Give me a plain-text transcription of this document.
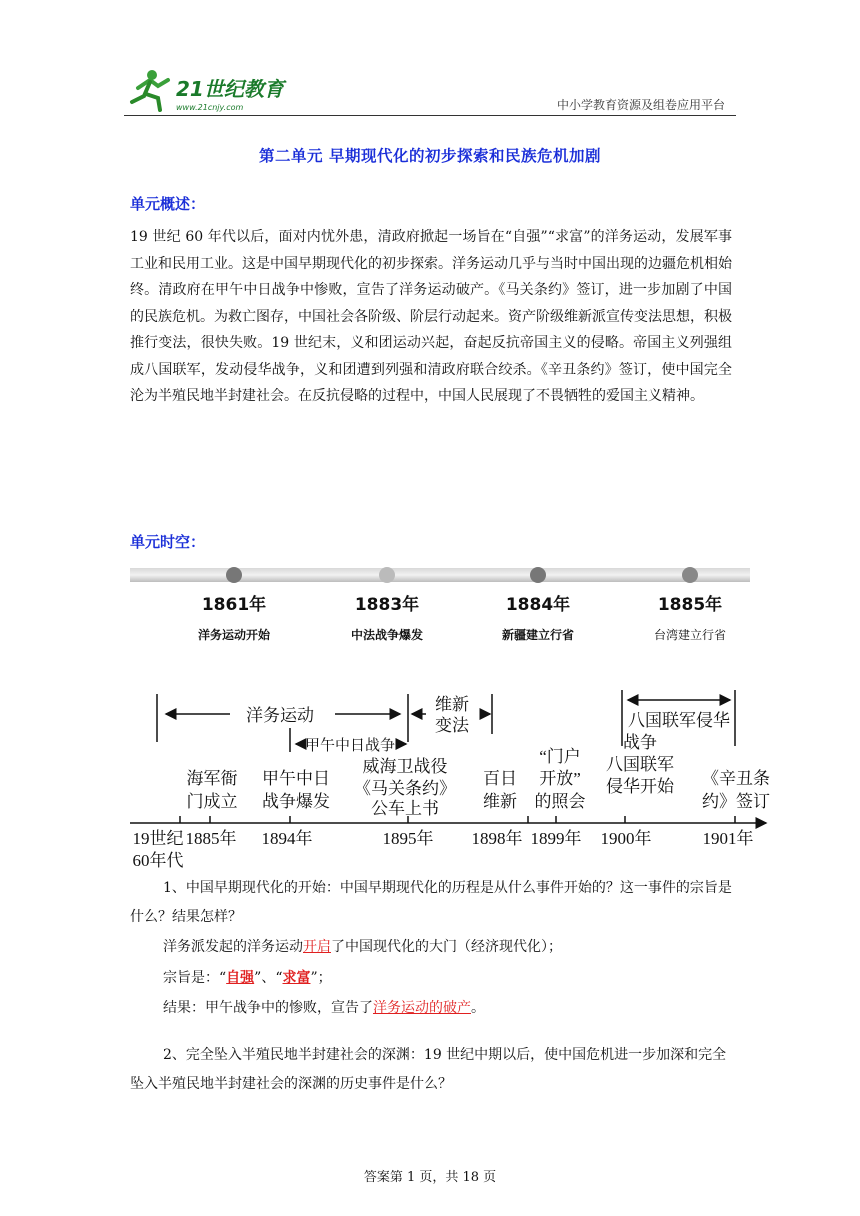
21世纪教育
www.21cnjy.com	中小学教育资源及组卷应用平台
第二单元 早期现代化的初步探索和民族危机加剧
单元概述：

19 世纪 60 年代以后，面对内忧外患，清政府掀起一场旨在“自强”“求富”的洋务运动，发展军事工业和民用工业。这是中国早期现代化的初步探索。洋务运动几乎与当时中国出现的边疆危机相始终。清政府在甲午中日战争中惨败，宣告了洋务运动破产。《马关条约》签订，进一步加剧了中国的民族危机。为救亡图存，中国社会各阶级、阶层行动起来。资产阶级维新派宣传变法思想，积极推行变法，很快失败。19 世纪末，义和团运动兴起，奋起反抗帝国主义的侵略。帝国主义列强组成八国联军，发动侵华战争，义和团遭到列强和清政府联合绞杀。《辛丑条约》签订，使中国完全沦为半殖民地半封建社会。在反抗侵略的过程中，中国人民展现了不畏牺牲的爱国主义精神。

单元时空：
1861年
洋务运动开始
1883年
中法战争爆发
1884年
新疆建立行省
1885年
台湾建立行省
洋务运动
维新
变法
甲午中日战争
八国联军侵华
战争
海军衙
门成立
甲午中日
战争爆发
威海卫战役
《马关条约》
公车上书
百日
维新
“门户
开放”
的照会
八国联军
侵华开始 《辛丑条
约》签订
19世纪
60年代
1885年 1894年	1895年 1898年 1899年 1900年	1901年

1、中国早期现代化的开始：中国早期现代化的历程是从什么事件开始的？这一事件的宗旨是什么？结果怎样？

洋务派发起的洋务运动开启了中国现代化的大门（经济现代化）；

宗旨是：“自强”、“求富”；

结果：甲午战争中的惨败，宣告了洋务运动的破产。

2、完全坠入半殖民地半封建社会的深渊：19 世纪中期以后，使中国危机进一步加深和完全坠入半殖民地半封建社会的深渊的历史事件是什么？

答案第 1 页，共 18 页
